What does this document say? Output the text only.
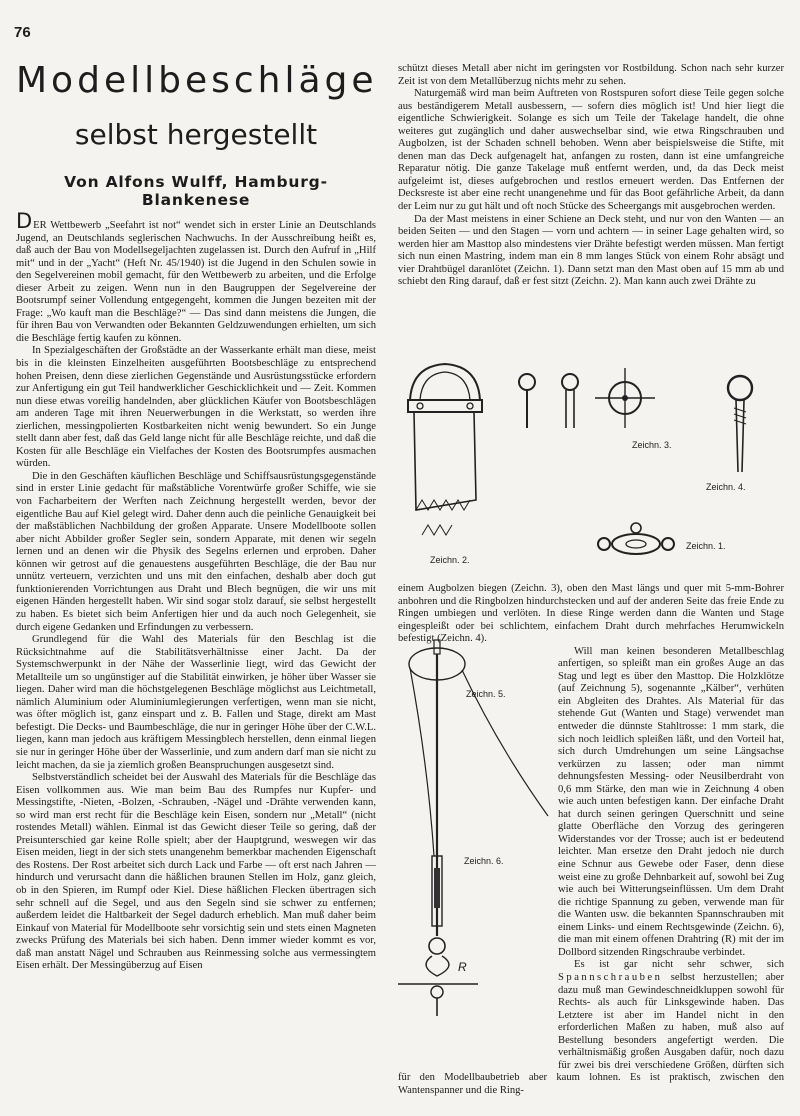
76
Modellbeschläge
selbst hergestellt
Von Alfons Wulff, Hamburg-Blankenese

DER Wettbewerb „Seefahrt ist not“ wendet sich in erster Linie an Deutschlands Jugend, an Deutschlands seglerischen Nachwuchs. In der Ausschreibung heißt es, daß auch der Bau von Modellsegeljachten zugelassen ist. Durch den Aufruf in „Hilf mit“ und in der „Yacht“ (Heft Nr. 45/1940) ist die Jugend in den Schulen sowie in den Segelvereinen mobil gemacht, für den Wettbewerb zu arbeiten, und die Erfolge dieser Arbeit zu zeigen. Wenn nun in den Baugruppen der Segelvereine der Bootsrumpf seiner Vollendung entgegengeht, kommen die Jungen bezeiten mit der Frage: „Wo kauft man die Beschläge?“ — Das sind dann meistens die Jungen, die für ihren Bau von Verwandten oder Bekannten Geldzuwendungen erhielten, um sich die Beschläge fertig kaufen zu können.

In Spezialgeschäften der Großstädte an der Wasserkante erhält man diese, meist bis in die kleinsten Einzelheiten ausgeführten Bootsbeschläge zu entsprechend hohen Preisen, denn diese zierlichen Gegenstände und Ausrüstungsstücke erfordern zur Anfertigung ein gut Teil handwerklicher Geschicklichkeit und — Zeit. Kommen nun diese etwas voreilig handelnden, aber glücklichen Käufer von Bootsbeschlägen am anderen Tage mit ihren Neuerwerbungen in die Werkstatt, so werden ihre zierlichen, messingpolierten Kostbarkeiten nicht wenig bewundert. So ein Junge stellt dann aber fest, daß das Geld lange nicht für alle Beschläge reichte, und daß die Kosten für alle Beschläge ein Vielfaches der Kosten des Bootsrumpfes ausmachen würden.

Die in den Geschäften käuflichen Beschläge und Schiffsausrüstungsgegenstände sind in erster Linie gedacht für maßstäbliche Vorentwürfe großer Schiffe, wie sie von Facharbeitern der Werften nach Zeichnung hergestellt werden, bevor der eigentliche Bau auf Kiel gelegt wird. Daher denn auch die peinliche Genauigkeit bei der maßstäblichen Nachbildung der großen Apparate. Unsere Modellboote sollen aber nicht Abbilder großer Segler sein, sondern Apparate, mit denen wir segeln lernen und an denen wir die Physik des Segelns erlernen und erproben. Daher können wir getrost auf die genauestens ausgeführten Beschläge, die der Bau nur unnütz verteuern, verzichten und uns mit den einfachen, deshalb aber doch gut funktionierenden Vorrichtungen aus Draht und Blech begnügen, die wir uns mit eigenen Händen hergestellt haben. Wir sind sogar stolz darauf, sie selbst hergestellt zu haben. Es bietet sich beim Anfertigen hier und da auch noch Gelegenheit, sie durch eigene Gedanken und Erfindungen zu verbessern.

Grundlegend für die Wahl des Materials für den Beschlag ist die Rücksichtnahme auf die Stabilitätsverhältnisse einer Jacht. Da der Systemschwerpunkt in der Nähe der Wasserlinie liegt, wird das Gewicht der Metallteile um so ungünstiger auf die Stabilität einwirken, je höher über Wasser sie liegen. Daher wird man die höchstgelegenen Beschläge möglichst aus Leichtmetall, nämlich Aluminium oder Aluminiumlegierungen verfertigen, wenn man sie nicht, was öfter möglich ist, ganz einspart und z. B. Fallen und Stage, direkt am Mast befestigt. Die Decks- und Baumbeschläge, die nur in geringer Höhe über der C.W.L. liegen, kann man jedoch aus kräftigem Messingblech herstellen, denn einmal liegen sie nur in geringer Höhe über der Wasserlinie, und zum andern darf man sie nicht zu leicht machen, da sie ja ziemlich großen Beanspruchungen ausgesetzt sind.

Selbstverständlich scheidet bei der Auswahl des Materials für die Beschläge das Eisen vollkommen aus. Wie man beim Bau des Rumpfes nur Kupfer- und Messingstifte, -Nieten, -Bolzen, -Schrauben, -Nägel und -Drähte verwenden kann, so wird man erst recht für die Beschläge kein Eisen, sondern nur „Metall“ (nicht rostendes Metall) wählen. Einmal ist das Gewicht dieser Teile so gering, daß der Preisunterschied gar keine Rolle spielt; aber der Hauptgrund, weswegen wir das Eisen meiden, liegt in der sich stets unangenehm bemerkbar machenden Eigenschaft des Rostens. Der Rost arbeitet sich durch Lack und Farbe — oft erst nach Jahren — hindurch und verursacht dann die häßlichen braunen Stellen im Holz, ganz gleich, ob in den Spieren, im Rumpf oder Kiel. Diese häßlichen Flecken übertragen sich sehr schnell auf die Segel, und aus den Segeln sind sie schwer zu entfernen; außerdem leidet die Haltbarkeit der Segel dadurch erheblich. Man muß daher beim Einkauf von Material für Modellboote sehr vorsichtig sein und stets einen Magneten zwecks Prüfung des Materials bei sich haben. Denn immer wieder kommt es vor, daß man anstatt Nägel und Schrauben aus Reinmessing solche aus vermessingtem Eisen erhält. Der Messingüberzug auf Eisen

schützt dieses Metall aber nicht im geringsten vor Rostbildung. Schon nach sehr kurzer Zeit ist von dem Metallüberzug nichts mehr zu sehen.

Naturgemäß wird man beim Auftreten von Rostspuren sofort diese Teile gegen solche aus beständigerem Metall ausbessern, — sofern dies möglich ist! Und hier liegt die eigentliche Schwierigkeit. Solange es sich um Teile der Takelage handelt, die ohne weiteres gut zugänglich und daher auswechselbar sind, wie etwa Ringschrauben und Augbolzen, ist der Schaden schnell behoben. Wenn aber beispielsweise die Stifte, mit denen man das Deck aufgenagelt hat, anfangen zu rosten, dann ist eine umfangreiche Reparatur nötig. Die ganze Takelage muß entfernt werden, und, da das Deck meist aufgeleimt ist, dieses aufgebrochen und restlos erneuert werden. Das Entfernen der Decksreste ist aber eine recht unangenehme und für das Boot gefährliche Arbeit, da dann der Leim nur zu gut hält und oft noch Stücke des Scheergangs mit ausgebrochen werden.

Da der Mast meistens in einer Schiene an Deck steht, und nur von den Wanten — an beiden Seiten — und den Stagen — vorn und achtern — in seiner Lage gehalten wird, so werden hier am Masttop also mindestens vier Drähte befestigt werden müssen. Man fertigt sich nun einen Mastring, indem man ein 8 mm langes Stück von einem Rohr absägt und vier Drahtbügel daranlötet (Zeichn. 1). Dann setzt man den Mast oben auf 15 mm ab und schiebt den Ring darauf, daß er fest sitzt (Zeichn. 2). Man kann auch zwei Drähte zu

Zeichn. 2.
Zeichn. 3.
Zeichn. 4.
Zeichn. 1.
Zeichn. 5.
Zeichn. 6.
R

einem Augbolzen biegen (Zeichn. 3), oben den Mast längs und quer mit 5-mm-Bohrer anbohren und die Ringbolzen hindurchstecken und auf der anderen Seite das freie Ende zu Ringen umbiegen und verlöten. In diese Ringe werden dann die Wanten und Stage eingespleißt oder bei schlichtem, einfachem Draht durch mehrfaches Herumwickeln befestigt (Zeichn. 4).

Will man keinen besonderen Metallbeschlag anfertigen, so spleißt man ein großes Auge an das Stag und legt es über den Masttop. Die Holzklötze (auf Zeichnung 5), sogenannte „Kälber“, verhüten ein Abgleiten des Drahtes. Als Material für das stehende Gut (Wanten und Stage) verwendet man entweder die dünnste Stahltrosse: 1 mm stark, die sich noch leidlich spleißen läßt, und den Vorteil hat, sich durch Umdrehungen um seine Längsachse verkürzen zu lassen; oder man nimmt dehnungsfesten Messing- oder Neusilberdraht von 0,6 mm Stärke, den man wie in Zeichnung 4 oben wie auch unten befestigen kann. Der einfache Draht hat durch seinen geringen Querschnitt und seine glatte Oberfläche den Vorzug des geringeren Widerstandes vor der Trosse; auch ist er bedeutend leichter. Man ersetze den Draht jedoch nie durch eine Schnur aus Gewebe oder Faser, denn diese weist eine zu große Dehnbarkeit auf, sowohl bei Zug wie auch bei Witterungseinflüssen. Um dem Draht die richtige Spannung zu geben, verwende man für die Wanten usw. die bekannten Spannschrauben mit einem Links- und einem Rechtsgewinde (Zeichn. 6), die man mit einem offenen Drahtring (R) mit der im Dollbord sitzenden Ringschraube verbindet.

Es ist gar nicht sehr schwer, sich Spannschrauben selbst herzustellen; aber dazu muß man Gewindeschneidkluppen sowohl für Rechts- als auch für Linksgewinde haben. Das Letztere ist aber im Handel nicht in den erforderlichen Maßen zu haben, muß also auf Bestellung besonders angefertigt werden. Die verhältnismäßig großen Ausgaben dafür, noch dazu für zwei bis drei verschiedene Größen, dürften sich für den Modellbaubetrieb aber kaum lohnen. Es ist praktisch, zwischen den Wantenspanner und die Ring-
